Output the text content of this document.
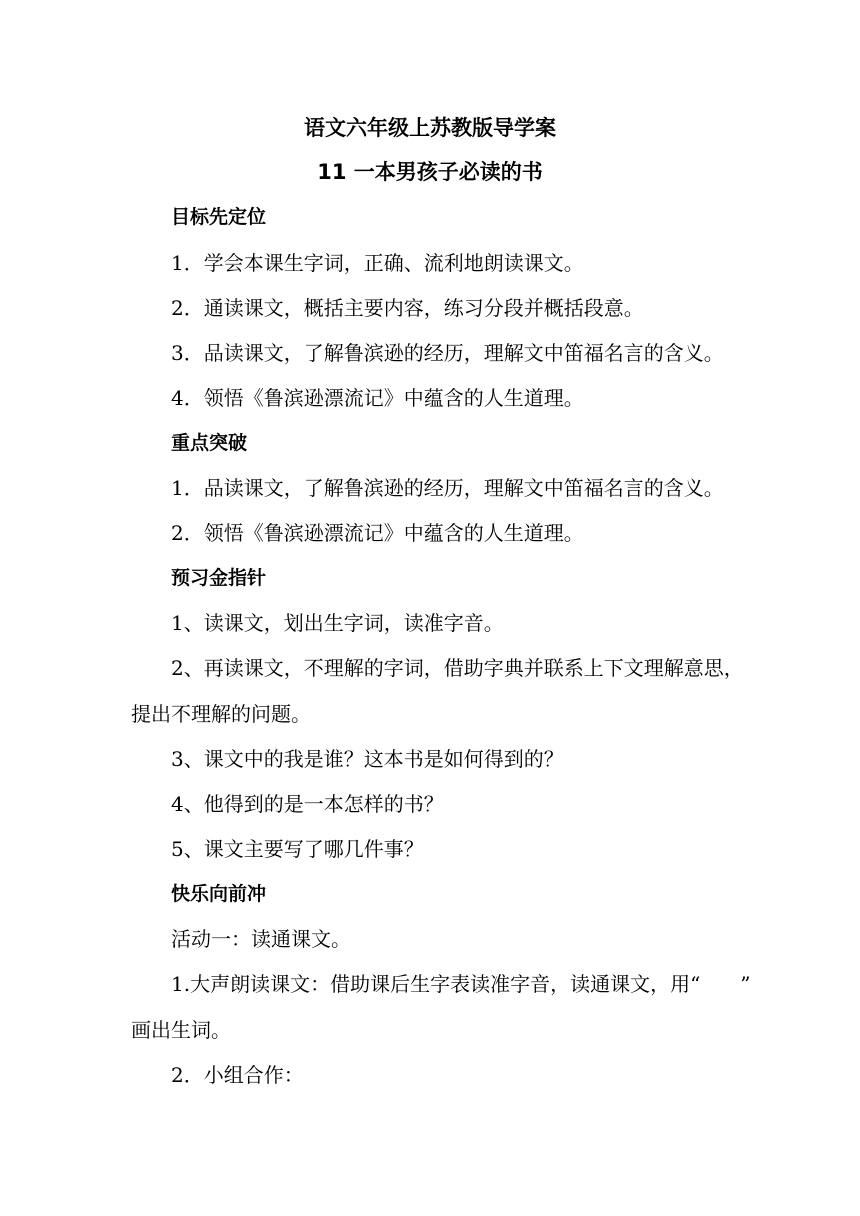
语文六年级上苏教版导学案
11 一本男孩子必读的书
目标先定位
1．学会本课生字词，正确、流利地朗读课文。
2．通读课文，概括主要内容，练习分段并概括段意。
3．品读课文，了解鲁滨逊的经历，理解文中笛福名言的含义。
4．领悟《鲁滨逊漂流记》中蕴含的人生道理。
重点突破
1．品读课文，了解鲁滨逊的经历，理解文中笛福名言的含义。
2．领悟《鲁滨逊漂流记》中蕴含的人生道理。
预习金指针
1、读课文，划出生字词，读准字音。
2、再读课文，不理解的字词，借助字典并联系上下文理解意思，
提出不理解的问题。
3、课文中的我是谁？这本书是如何得到的？
4、他得到的是一本怎样的书？
5、课文主要写了哪几件事？
快乐向前冲
活动一：读通课文。
1.大声朗读课文：借助课后生字表读准字音，读通课文，用“　　”
画出生词。
2．小组合作：
